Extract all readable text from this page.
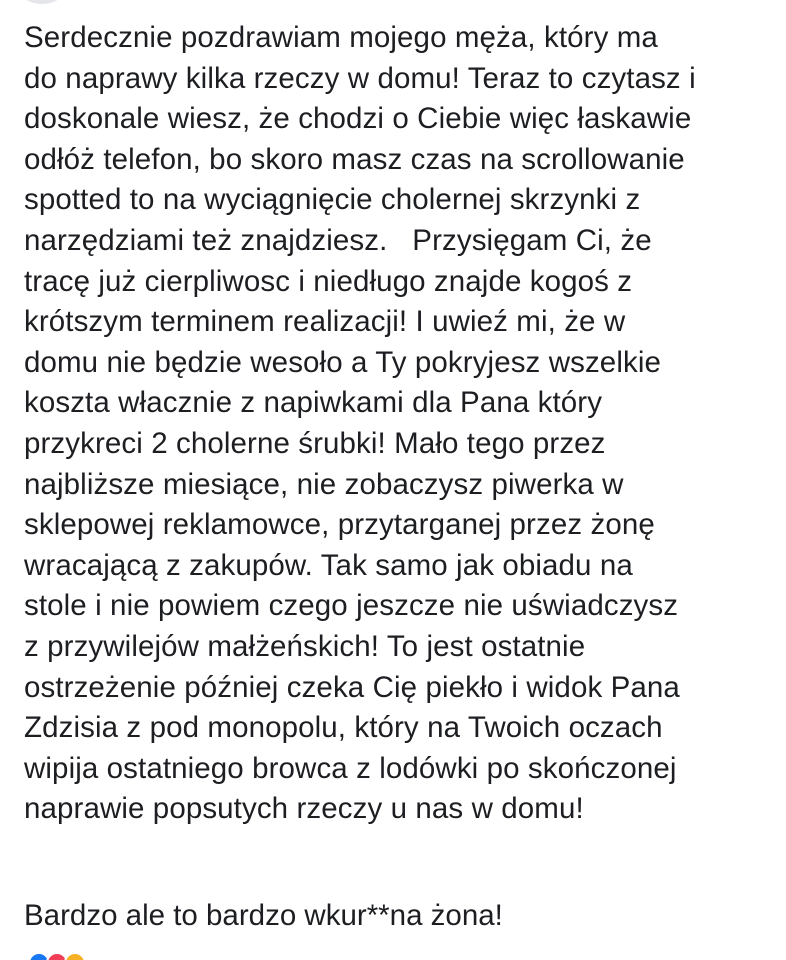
Serdecznie pozdrawiam mojego męża, który ma
do naprawy kilka rzeczy w domu! Teraz to czytasz i
doskonale wiesz, że chodzi o Ciebie więc łaskawie
odłóż telefon, bo skoro masz czas na scrollowanie
spotted to na wyciągnięcie cholernej skrzynki z
narzędziami też znajdziesz.   Przysięgam Ci, że
tracę już cierpliwosc i niedługo znajde kogoś z
krótszym terminem realizacji! I uwieź mi, że w
domu nie będzie wesoło a Ty pokryjesz wszelkie
koszta włacznie z napiwkami dla Pana który
przykreci 2 cholerne śrubki! Mało tego przez
najbliższe miesiące, nie zobaczysz piwerka w
sklepowej reklamowce, przytarganej przez żonę
wracającą z zakupów. Tak samo jak obiadu na
stole i nie powiem czego jeszcze nie uświadczysz
z przywilejów małżeńskich! To jest ostatnie
ostrzeżenie później czeka Cię piekło i widok Pana
Zdzisia z pod monopolu, który na Twoich oczach
wipija ostatniego browca z lodówki po skończonej
naprawie popsutych rzeczy u nas w domu!
Bardzo ale to bardzo wkur**na żona!
